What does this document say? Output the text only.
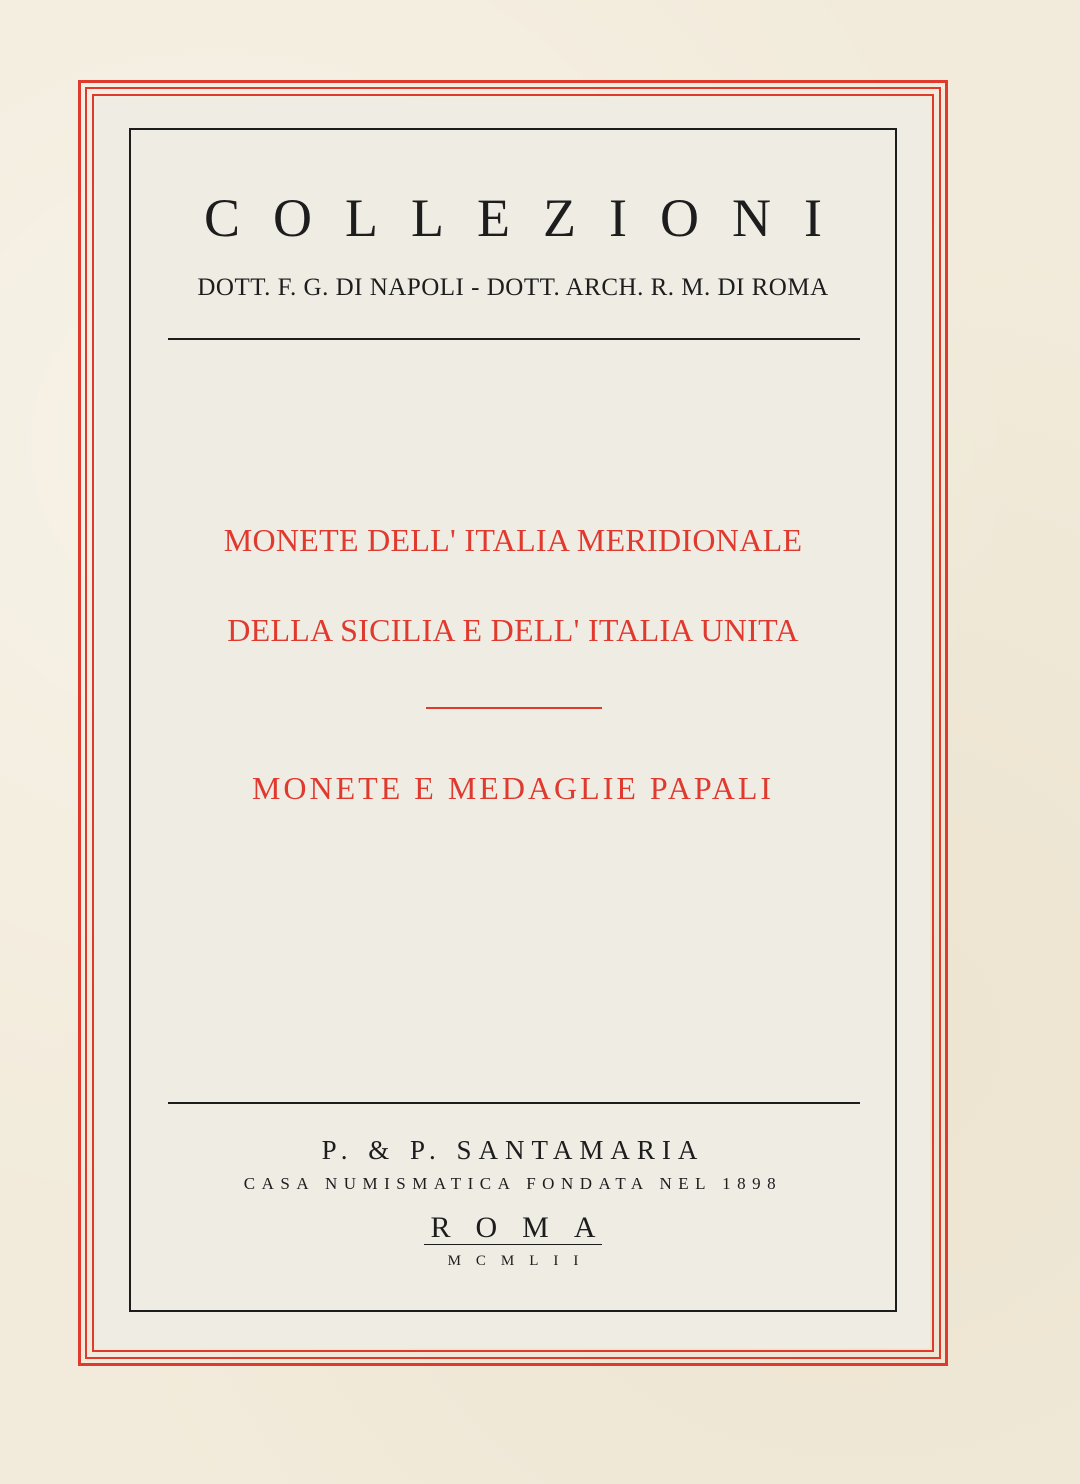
COLLEZIONI
DOTT. F. G. DI NAPOLI - DOTT. ARCH. R. M. DI ROMA
MONETE DELL' ITALIA MERIDIONALE
DELLA SICILIA E DELL' ITALIA UNITA
MONETE E MEDAGLIE PAPALI
P. & P. SANTAMARIA
CASA NUMISMATICA FONDATA NEL 1898
ROMA
MCMLII
